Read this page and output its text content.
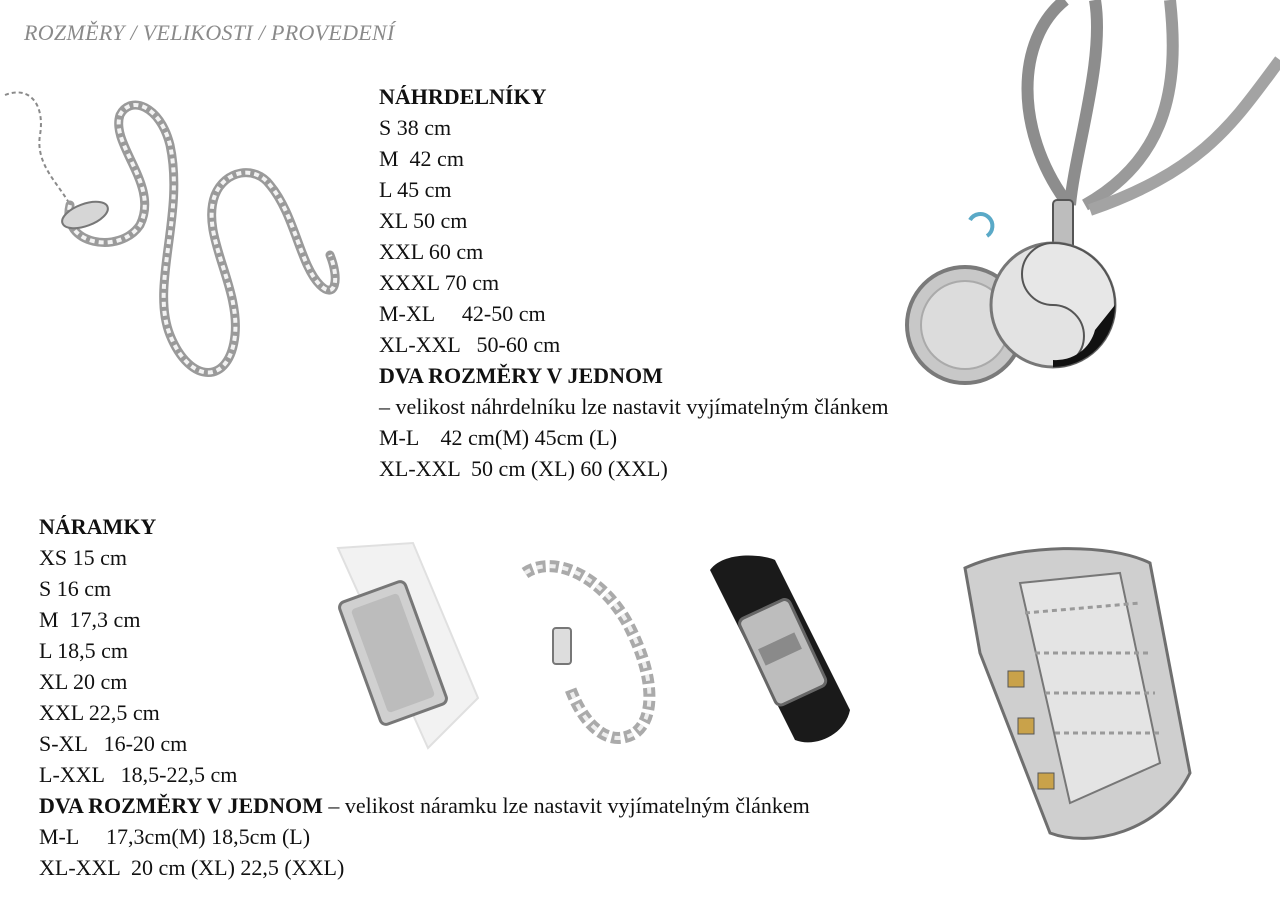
ROZMĚRY / VELIKOSTI / PROVEDENÍ
NÁHRDELNÍKY
S 38 cm
M  42 cm
L 45 cm
XL 50 cm
XXL 60 cm
XXXL 70 cm
M-XL     42-50 cm
XL-XXL   50-60 cm
DVA ROZMĚRY V JEDNOM
– velikost náhrdelníku lze nastavit vyjímatelným článkem
M-L    42 cm(M) 45cm (L)
XL-XXL  50 cm (XL) 60 (XXL)
NÁRAMKY
XS 15 cm
S 16 cm
M  17,3 cm
L 18,5 cm
XL 20 cm
XXL 22,5 cm
S-XL   16-20 cm
L-XXL   18,5-22,5 cm
DVA ROZMĚRY V JEDNOM – velikost náramku lze nastavit vyjímatelným článkem
M-L     17,3cm(M) 18,5cm (L)
XL-XXL  20 cm (XL) 22,5 (XXL)
